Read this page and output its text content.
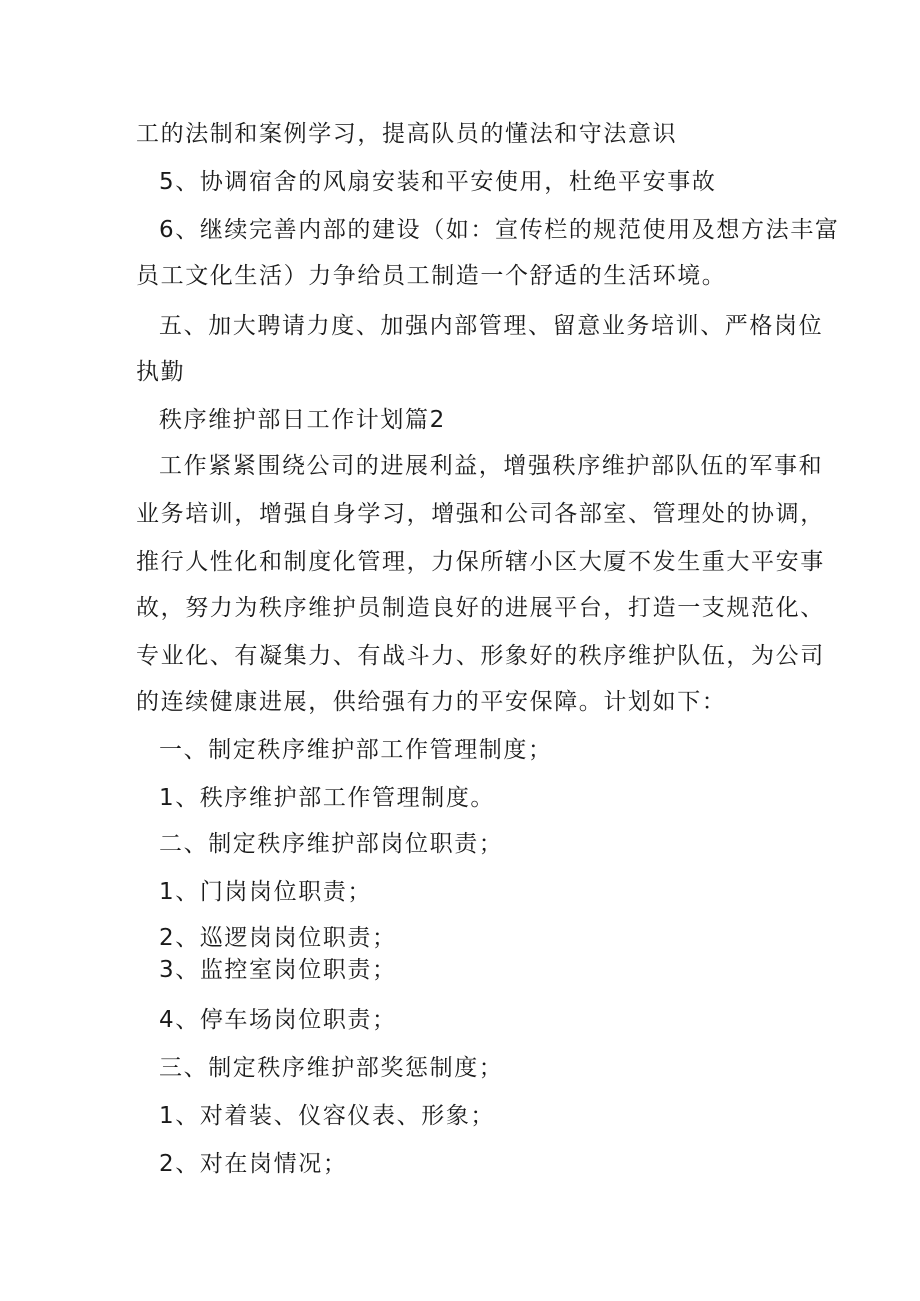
工的法制和案例学习，提高队员的懂法和守法意识
5、协调宿舍的风扇安装和平安使用，杜绝平安事故
6、继续完善内部的建设（如：宣传栏的规范使用及想方法丰富
员工文化生活）力争给员工制造一个舒适的生活环境。
五、加大聘请力度、加强内部管理、留意业务培训、严格岗位
执勤
秩序维护部日工作计划篇2
工作紧紧围绕公司的进展利益，增强秩序维护部队伍的军事和
业务培训，增强自身学习，增强和公司各部室、管理处的协调，
推行人性化和制度化管理，力保所辖小区大厦不发生重大平安事
故，努力为秩序维护员制造良好的进展平台，打造一支规范化、
专业化、有凝集力、有战斗力、形象好的秩序维护队伍，为公司
的连续健康进展，供给强有力的平安保障。计划如下：
一、制定秩序维护部工作管理制度；
1、秩序维护部工作管理制度。
二、制定秩序维护部岗位职责；
1、门岗岗位职责；
2、巡逻岗岗位职责；
3、监控室岗位职责；
4、停车场岗位职责；
三、制定秩序维护部奖惩制度；
1、对着装、仪容仪表、形象；
2、对在岗情况；
